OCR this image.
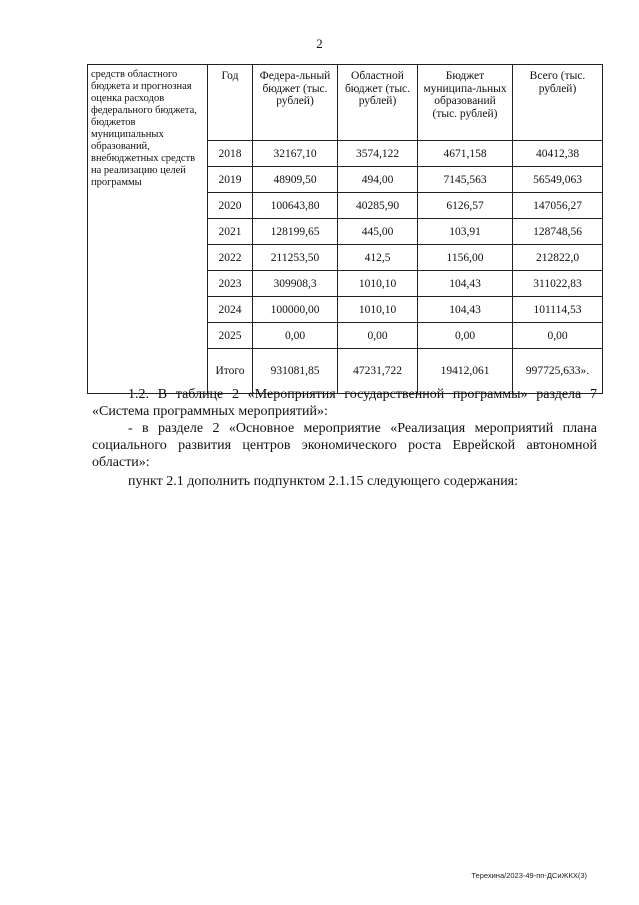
2
средств областного бюджета и прогнозная оценка расходов федерального бюджета, бюджетов муниципальных образований, внебюджетных средств на реализацию целей программы	Год	Федера-льный бюджет (тыс. рублей)	Областной бюджет (тыс. рублей)	Бюджет муниципа-льных образований (тыс. рублей)	Всего (тыс. рублей)
	2018	32167,10	3574,122	4671,158	40412,38
	2019	48909,50	494,00	7145,563	56549,063
	2020	100643,80	40285,90	6126,57	147056,27
	2021	128199,65	445,00	103,91	128748,56
	2022	211253,50	412,5	1156,00	212822,0
	2023	309908,3	1010,10	104,43	311022,83
	2024	100000,00	1010,10	104,43	101114,53
	2025	0,00	0,00	0,00	0,00
	Итого	931081,85	47231,722	19412,061	997725,633».
1.2. В таблице 2 «Мероприятия государственной программы» раздела 7 «Система программных мероприятий»:
- в разделе 2 «Основное мероприятие «Реализация мероприятий плана социального развития центров экономического роста Еврейской автономной области»:
пункт 2.1 дополнить подпунктом 2.1.15 следующего содержания:
Терехина/2023-49-пп-ДСиЖКХ(3)
